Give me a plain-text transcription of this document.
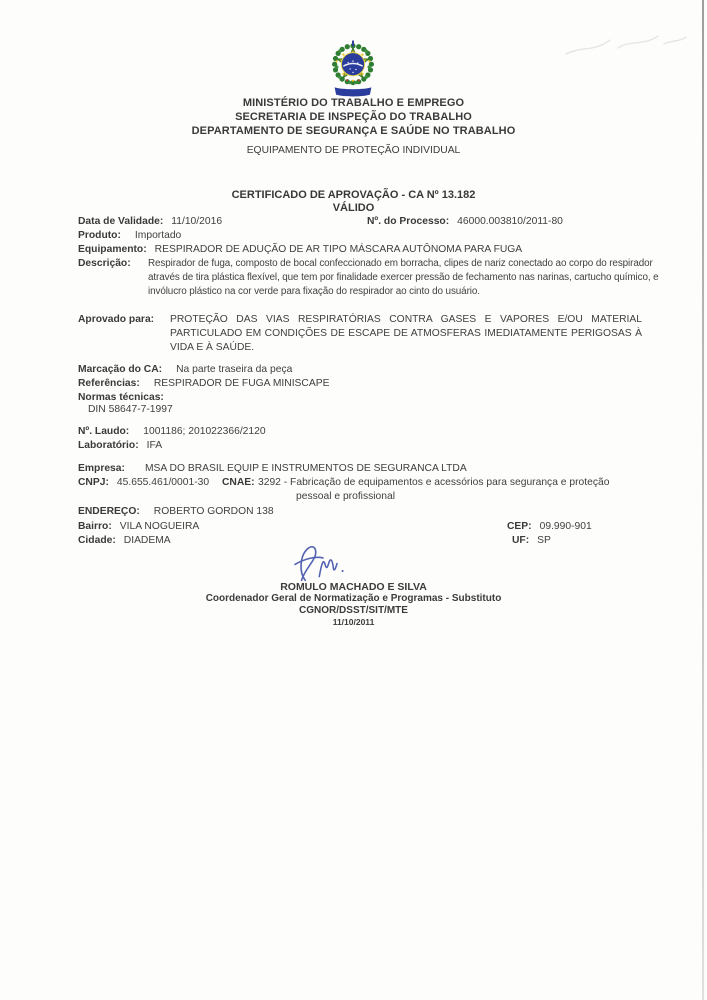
MINISTÉRIO DO TRABALHO E EMPREGO
SECRETARIA DE INSPEÇÃO DO TRABALHO
DEPARTAMENTO DE SEGURANÇA E SAÚDE NO TRABALHO
EQUIPAMENTO DE PROTEÇÃO INDIVIDUAL
CERTIFICADO DE APROVAÇÃO - CA Nº 13.182
VÁLIDO
Data de Validade: 11/10/2016	Nº. do Processo: 46000.003810/2011-80
Produto: Importado
Equipamento: RESPIRADOR DE ADUÇÃO DE AR TIPO MÁSCARA AUTÔNOMA PARA FUGA
Descrição: Respirador de fuga, composto de bocal confeccionado em borracha, clipes de nariz conectado ao corpo do respirador
através de tira plástica flexível, que tem por finalidade exercer pressão de fechamento nas narinas, cartucho químico, e
invólucro plástico na cor verde para fixação do respirador ao cinto do usuário.
Aprovado para: PROTEÇÃO DAS VIAS RESPIRATÓRIAS CONTRA GASES E VAPORES E/OU MATERIAL
PARTICULADO EM CONDIÇÕES DE ESCAPE DE ATMOSFERAS IMEDIATAMENTE PERIGOSAS À
VIDA E À SAÚDE.
Marcação do CA: Na parte traseira da peça
Referências: RESPIRADOR DE FUGA MINISCAPE
Normas técnicas:
DIN 58647-7-1997
Nº. Laudo: 1001186; 201022366/2120
Laboratório: IFA
Empresa: MSA DO BRASIL EQUIP E INSTRUMENTOS DE SEGURANCA LTDA
CNPJ: 45.655.461/0001-30 CNAE: 3292 - Fabricação de equipamentos e acessórios para segurança e proteção
pessoal e profissional
ENDEREÇO: ROBERTO GORDON 138
Bairro: VILA NOGUEIRA	CEP: 09.990-901
Cidade: DIADEMA	UF: SP
ROMULO MACHADO E SILVA
Coordenador Geral de Normatização e Programas - Substituto
CGNOR/DSST/SIT/MTE
11/10/2011
